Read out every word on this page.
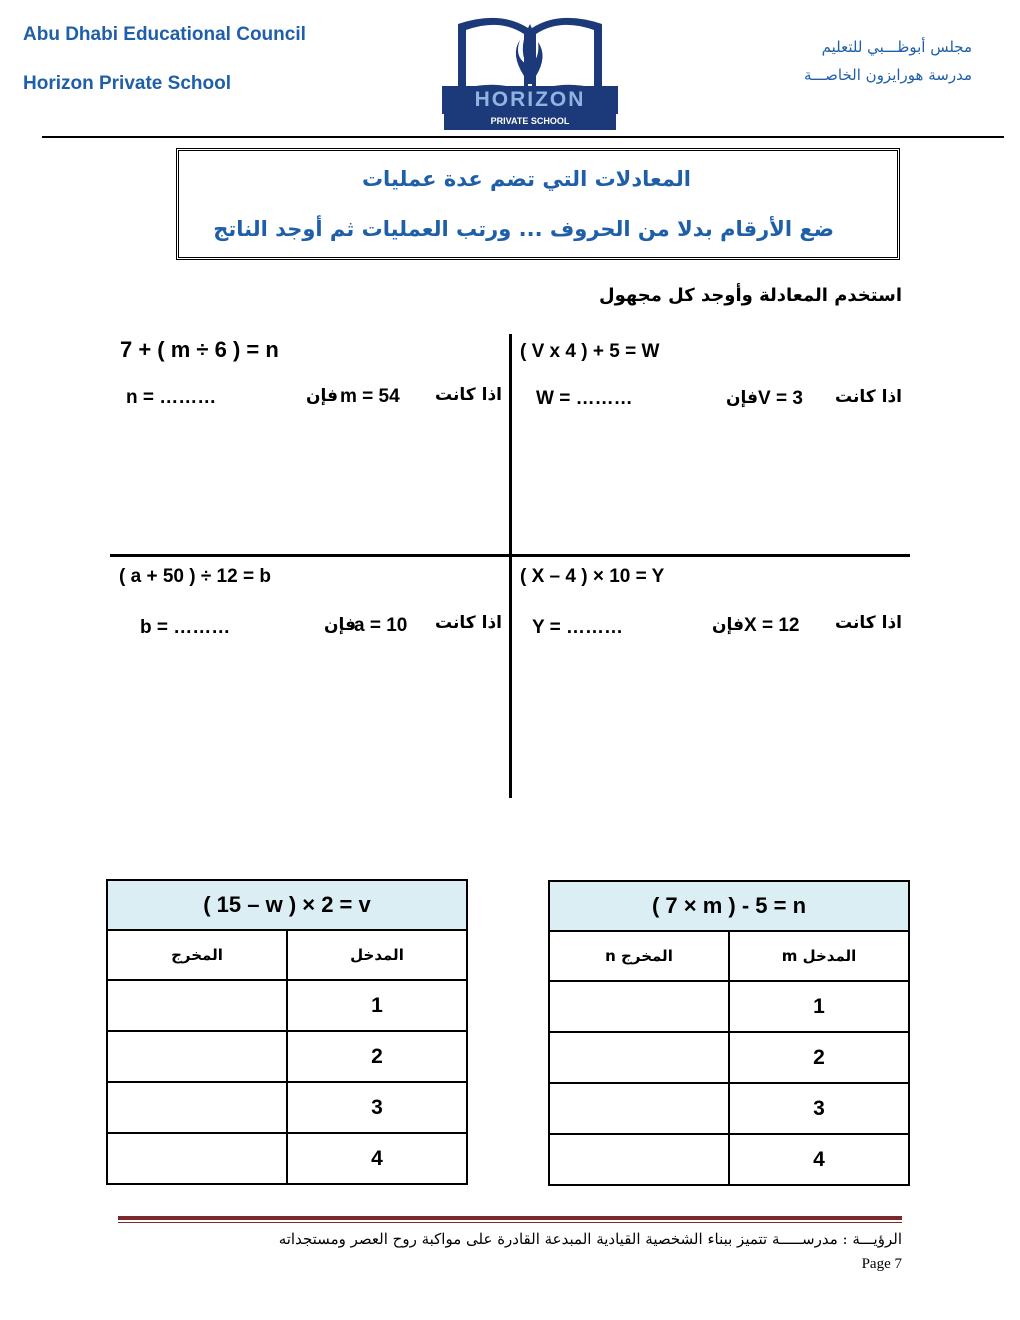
Abu Dhabi Educational Council
Horizon Private School
مجلس أبوظـــبي للتعليم
مدرسة هورايزون الخاصـــة
HORIZON
PRIVATE SCHOOL
المعادلات التي تضم عدة عمليات
ضع الأرقام بدلا من الحروف ... ورتب العمليات ثم أوجد الناتج
استخدم المعادلة وأوجد كل مجهول
( V x 4 ) + 5 = W
اذا كانت
V = 3
فإن
W = ………
7 + ( m ÷ 6 ) = n
اذا كانت
m = 54
فإن
n = ………
( X – 4 ) × 10 = Y
اذا كانت
X = 12
فإن
Y = ………
( a + 50 ) ÷ 12 = b
اذا كانت
a = 10
فإن
b = ………
( 7 × m ) - 5 = n	
المخرج n	المدخل m
	1
	2
	3
	4
( 15 – w ) × 2 = v	
المخرج	المدخل
	1
	2
	3
	4
الرؤيـــة : مدرســـــة تتميز ببناء الشخصية القيادية المبدعة القادرة على مواكبة روح العصر ومستجداته
Page 7
